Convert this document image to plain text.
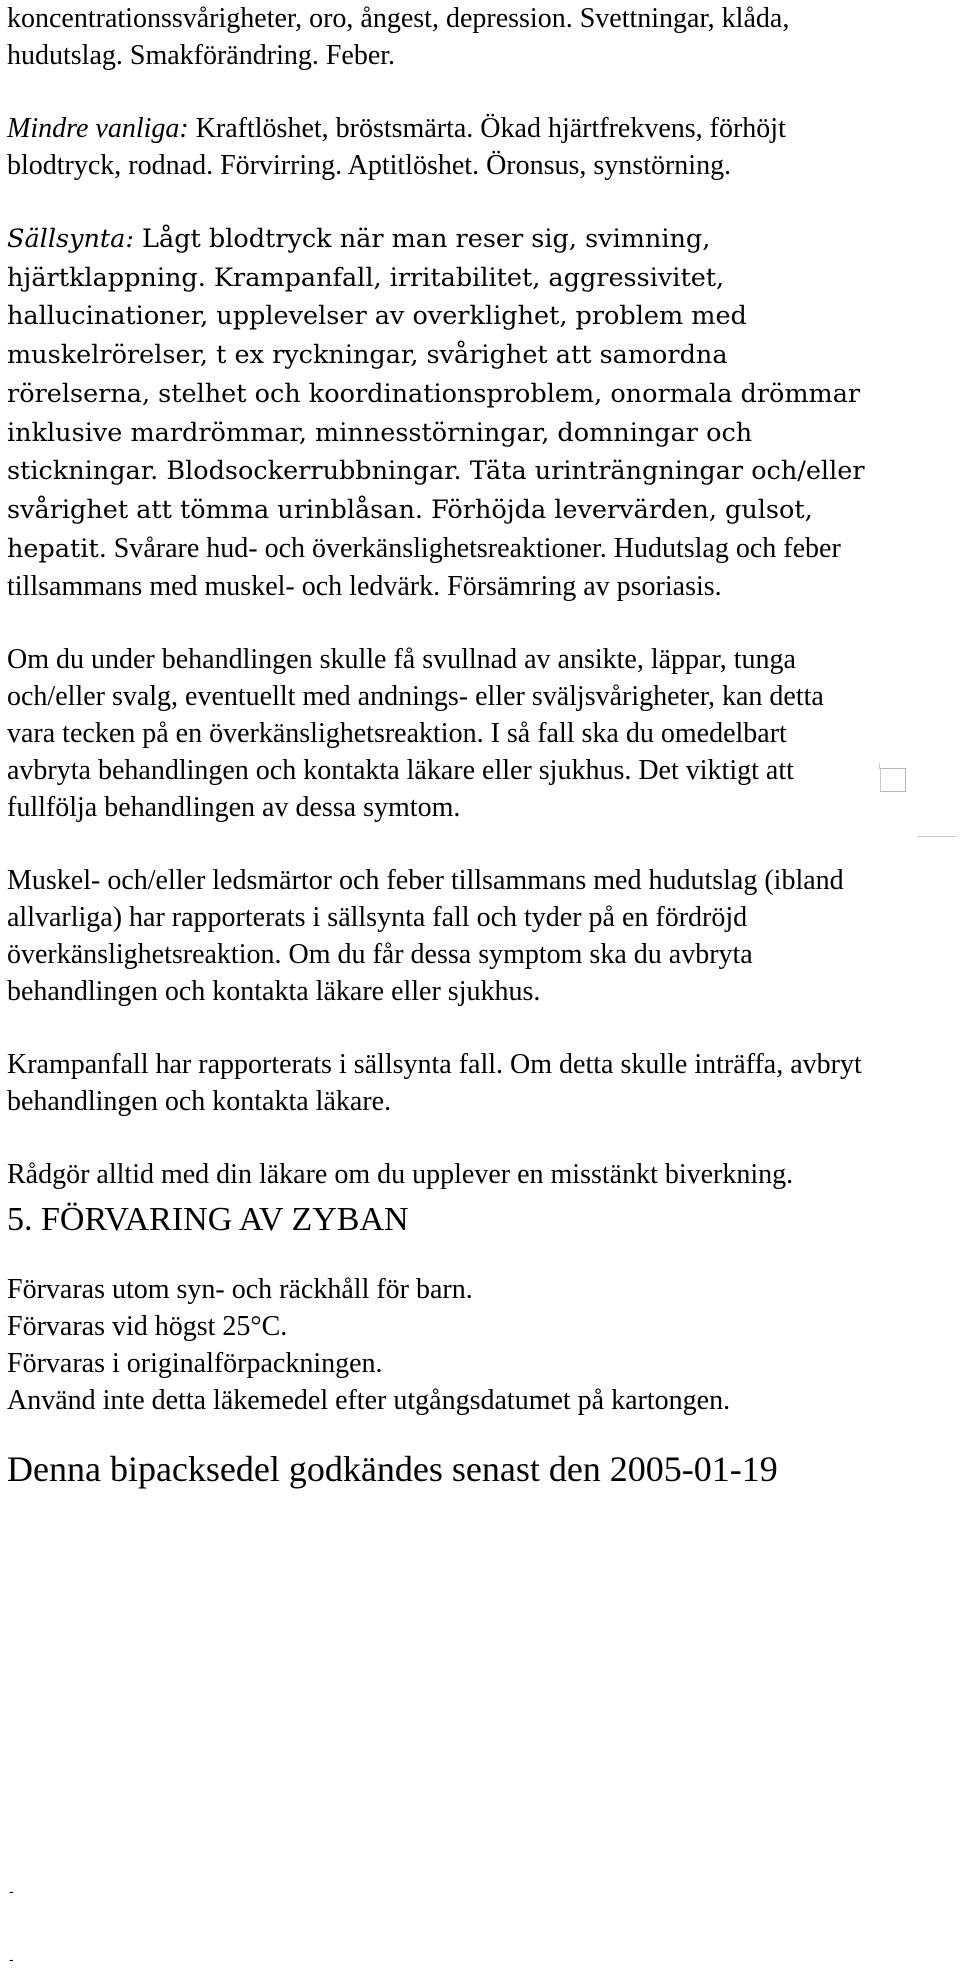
koncentrationssvårigheter, oro, ångest, depression. Svettningar, klåda, hudutslag. Smakförändring. Feber.

Mindre vanliga: Kraftlöshet, bröstsmärta. Ökad hjärtfrekvens, förhöjt blodtryck, rodnad. Förvirring. Aptitlöshet. Öronsus, synstörning.

Sällsynta: Lågt blodtryck när man reser sig, svimning, hjärtklappning. Krampanfall, irritabilitet, aggressivitet, hallucinationer, upplevelser av overklighet, problem med muskelrörelser, t ex ryckningar, svårighet att samordna rörelserna, stelhet och koordinationsproblem, onormala drömmar inklusive mardrömmar, minnesstörningar, domningar och stickningar. Blodsockerrubbningar. Täta urinträngningar och/eller svårighet att tömma urinblåsan. Förhöjda levervärden, gulsot, hepatit. Svårare hud- och överkänslighetsreaktioner. Hudutslag och feber tillsammans med muskel- och ledvärk. Försämring av psoriasis.

Om du under behandlingen skulle få svullnad av ansikte, läppar, tunga och/eller svalg, eventuellt med andnings- eller sväljsvårigheter, kan detta vara tecken på en överkänslighetsreaktion. I så fall ska du omedelbart avbryta behandlingen och kontakta läkare eller sjukhus. Det viktigt att fullfölja behandlingen av dessa symtom.

Muskel- och/eller ledsmärtor och feber tillsammans med hudutslag (ibland allvarliga) har rapporterats i sällsynta fall och tyder på en fördröjd överkänslighetsreaktion. Om du får dessa symptom ska du avbryta behandlingen och kontakta läkare eller sjukhus.

Krampanfall har rapporterats i sällsynta fall. Om detta skulle inträffa, avbryt behandlingen och kontakta läkare.

Rådgör alltid med din läkare om du upplever en misstänkt biverkning.

5. FÖRVARING AV ZYBAN
Förvaras utom syn- och räckhåll för barn.
Förvaras vid högst 25°C.
Förvaras i originalförpackningen.
Använd inte detta läkemedel efter utgångsdatumet på kartongen.
Denna bipacksedel godkändes senast den 2005-01-19
-
-
